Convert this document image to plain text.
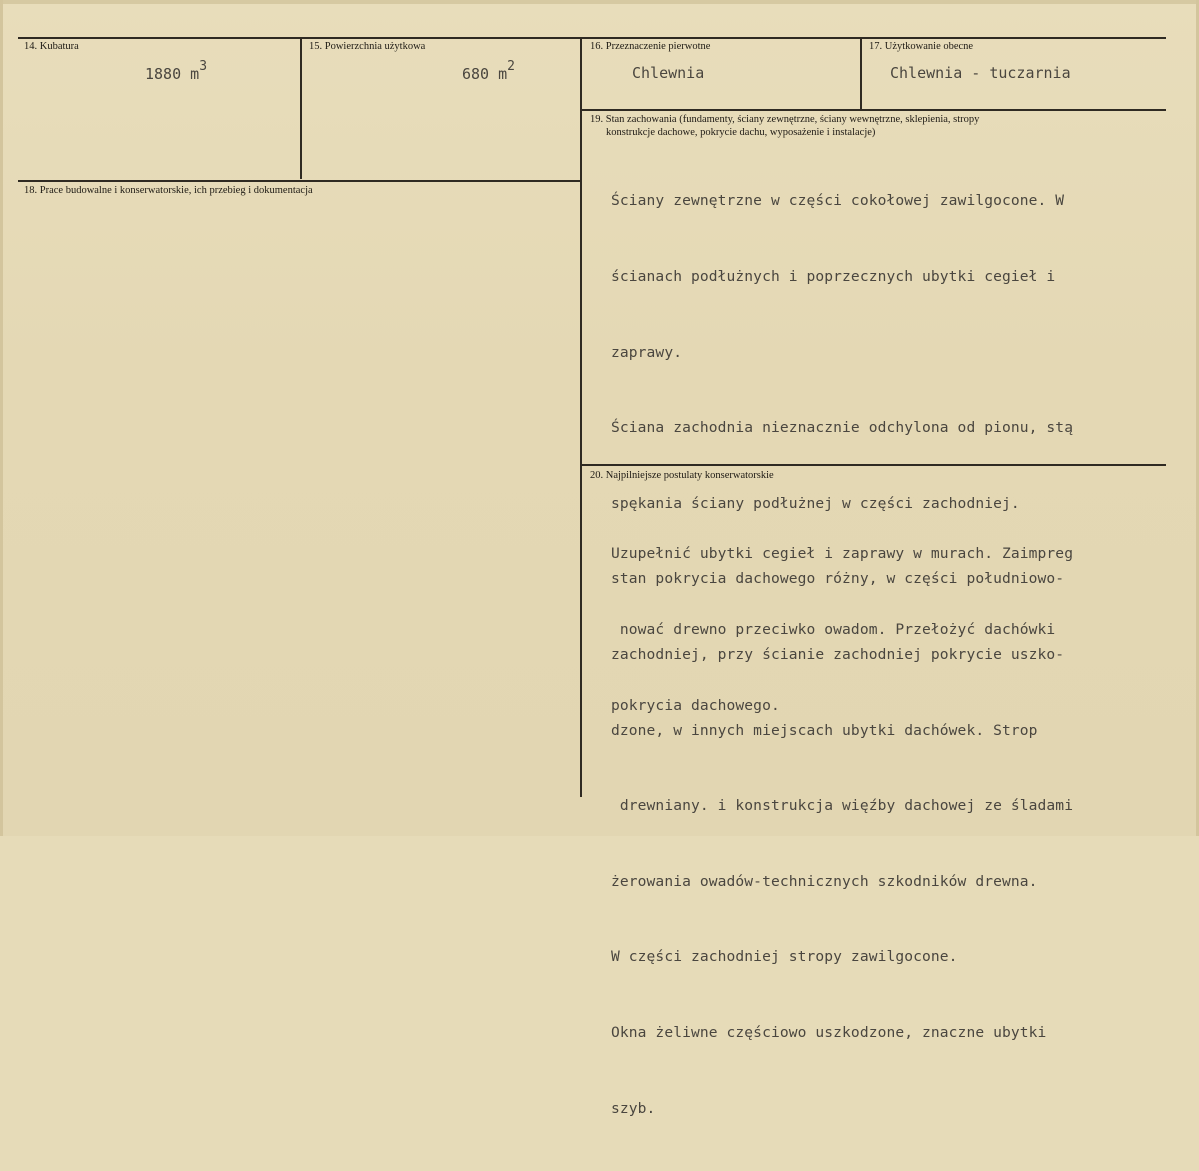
14. Kubatura
1880 $m^3$
15. Powierzchnia użytkowa
680 $m^2$
16. Przeznaczenie pierwotne
Chlewnia
17. Użytkowanie obecne
Chlewnia - tuczarnia
18. Prace budowalne i konserwatorskie, ich przebieg i dokumentacja
19. Stan zachowania (fundamenty, ściany zewnętrzne, ściany wewnętrzne, sklepienia, stropy
konstrukcje dachowe, pokrycie dachu, wyposażenie i instalacje)

Ściany zewnętrzne w części cokołowej zawilgocone. W

ścianach podłużnych i poprzecznych ubytki cegieł i

zaprawy.

Ściana zachodnia nieznacznie odchylona od pionu, stą

spękania ściany podłużnej w części zachodniej.

stan pokrycia dachowego różny, w części południowo-

zachodniej, przy ścianie zachodniej pokrycie uszko-

dzone, w innych miejscach ubytki dachówek. Strop

drewniany. i konstrukcja więźby dachowej ze śladami

żerowania owadów-technicznych szkodników drewna.

W części zachodniej stropy zawilgocone.

Okna żeliwne częściowo uszkodzone, znaczne ubytki

szyb.

20. Najpilniejsze postulaty konserwatorskie

Uzupełnić ubytki cegieł i zaprawy w murach. Zaimpreg

nować drewno przeciwko owadom. Przełożyć dachówki

pokrycia dachowego.
